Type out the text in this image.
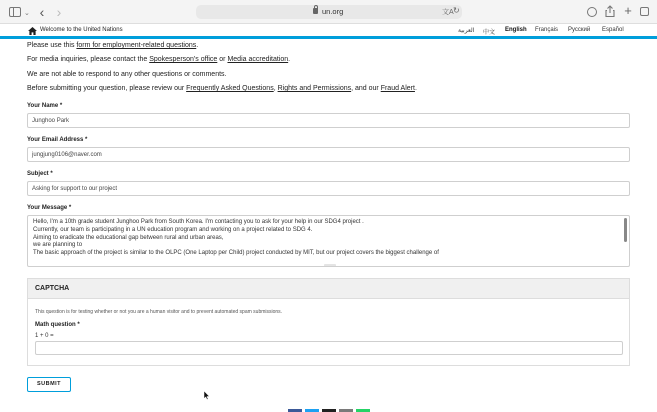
⌄ ‹ ›	un.org	文A ↻	+
Welcome to the United Nations	العربية 中文 English Français Русский Español
Please use this form for employment-related questions.
For media inquiries, please contact the Spokesperson's office or Media accreditation.
We are not able to respond to any other questions or comments.
Before submitting your question, please review our Frequently Asked Questions, Rights and Permissions, and our Fraud Alert.
Your Name *
Junghoo Park
Your Email Address *
jungjung0106@naver.com
Subject *
Asking for support to our project
Your Message *
Hello, I'm a 10th grade student Junghoo Park from South Korea. I'm contacting you to ask for your help in our SDG4 project .
Currently, our team is participating in a UN education program and working on a project related to SDG 4.
Aiming to eradicate the educational gap between rural and urban areas,
we are planning to
The basic approach of the project is similar to the OLPC (One Laptop per Child) project conducted by MIT, but our project covers the biggest challenge of
CAPTCHA
This question is for testing whether or not you are a human visitor and to prevent automated spam submissions.
Math question *
1 + 0 =
SUBMIT
